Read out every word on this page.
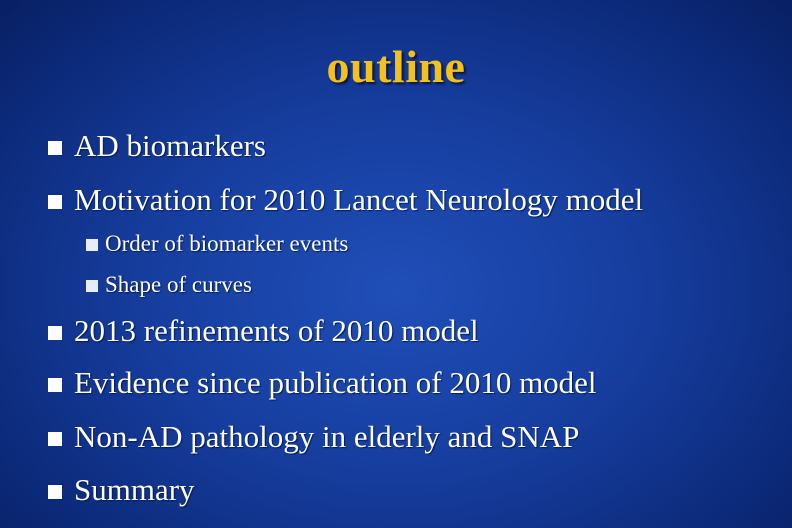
outline
AD biomarkers
Motivation for 2010 Lancet Neurology model
Order of biomarker events
Shape of curves
2013 refinements of 2010 model
Evidence since publication of 2010 model
Non-AD pathology in elderly and SNAP
Summary
